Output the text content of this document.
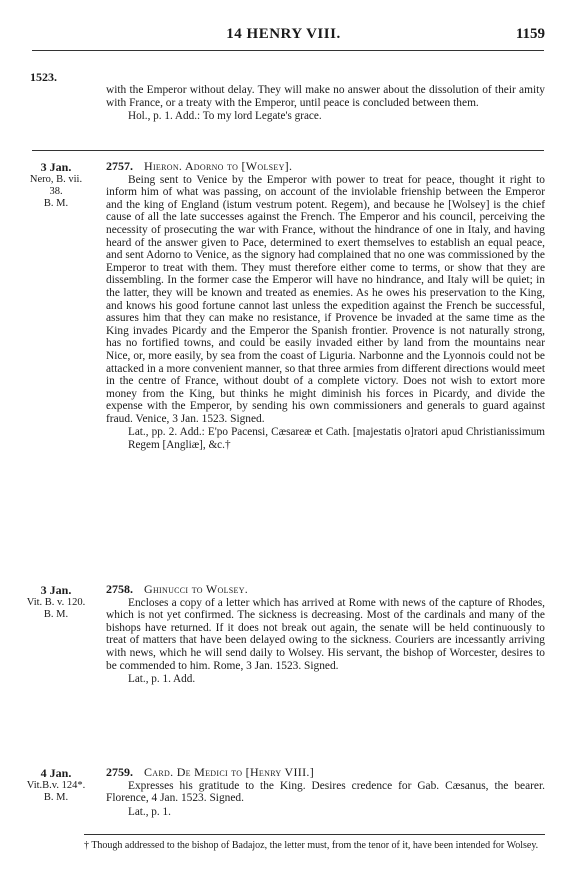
14 HENRY VIII.	1159
1523.

with the Emperor without delay. They will make no answer about the dissolution of their amity with France, or a treaty with the Emperor, until peace is concluded between them.

Hol., p. 1. Add.: To my lord Legate's grace.
3 Jan.
Nero, B. vii.
38.
B. M.
2757. Hieron. Adorno to [Wolsey].

Being sent to Venice by the Emperor with power to treat for peace, thought it right to inform him of what was passing, on account of the inviolable frienship between the Emperor and the king of England (istum vestrum potent. Regem), and because he [Wolsey] is the chief cause of all the late successes against the French. The Emperor and his council, perceiving the necessity of prosecuting the war with France, without the hindrance of one in Italy, and having heard of the answer given to Pace, determined to exert themselves to establish an equal peace, and sent Adorno to Venice, as the signory had complained that no one was commissioned by the Emperor to treat with them. They must therefore either come to terms, or show that they are dissembling. In the former case the Emperor will have no hindrance, and Italy will be quiet; in the latter, they will be known and treated as enemies. As he owes his preservation to the King, and knows his good fortune cannot last unless the expedition against the French be successful, assures him that they can make no resistance, if Provence be invaded at the same time as the King invades Picardy and the Emperor the Spanish frontier. Provence is not naturally strong, has no fortified towns, and could be easily invaded either by land from the mountains near Nice, or, more easily, by sea from the coast of Liguria. Narbonne and the Lyonnois could not be attacked in a more convenient manner, so that three armies from different directions would meet in the centre of France, without doubt of a complete victory. Does not wish to extort more money from the King, but thinks he might diminish his forces in Picardy, and divide the expense with the Emperor, by sending his own commissioners and generals to guard against fraud. Venice, 3 Jan. 1523. Signed.

Lat., pp. 2. Add.: E'po Pacensi, Cæsareæ et Cath. [majestatis o]ratori apud Christianissimum Regem [Angliæ], &c.†
3 Jan.
Vit. B. v. 120.
B. M.
2758. Ghinucci to Wolsey.

Encloses a copy of a letter which has arrived at Rome with news of the capture of Rhodes, which is not yet confirmed. The sickness is decreasing. Most of the cardinals and many of the bishops have returned. If it does not break out again, the senate will be held continuously to treat of matters that have been delayed owing to the sickness. Couriers are incessantly arriving with news, which he will send daily to Wolsey. His servant, the bishop of Worcester, desires to be commended to him. Rome, 3 Jan. 1523. Signed.

Lat., p. 1. Add.
4 Jan.
Vit.B.v. 124*.
B. M.
2759. Card. De Medici to [Henry VIII.]

Expresses his gratitude to the King. Desires credence for Gab. Cæsanus, the bearer. Florence, 4 Jan. 1523. Signed.

Lat., p. 1.
† Though addressed to the bishop of Badajoz, the letter must, from the tenor of it, have been intended for Wolsey.
